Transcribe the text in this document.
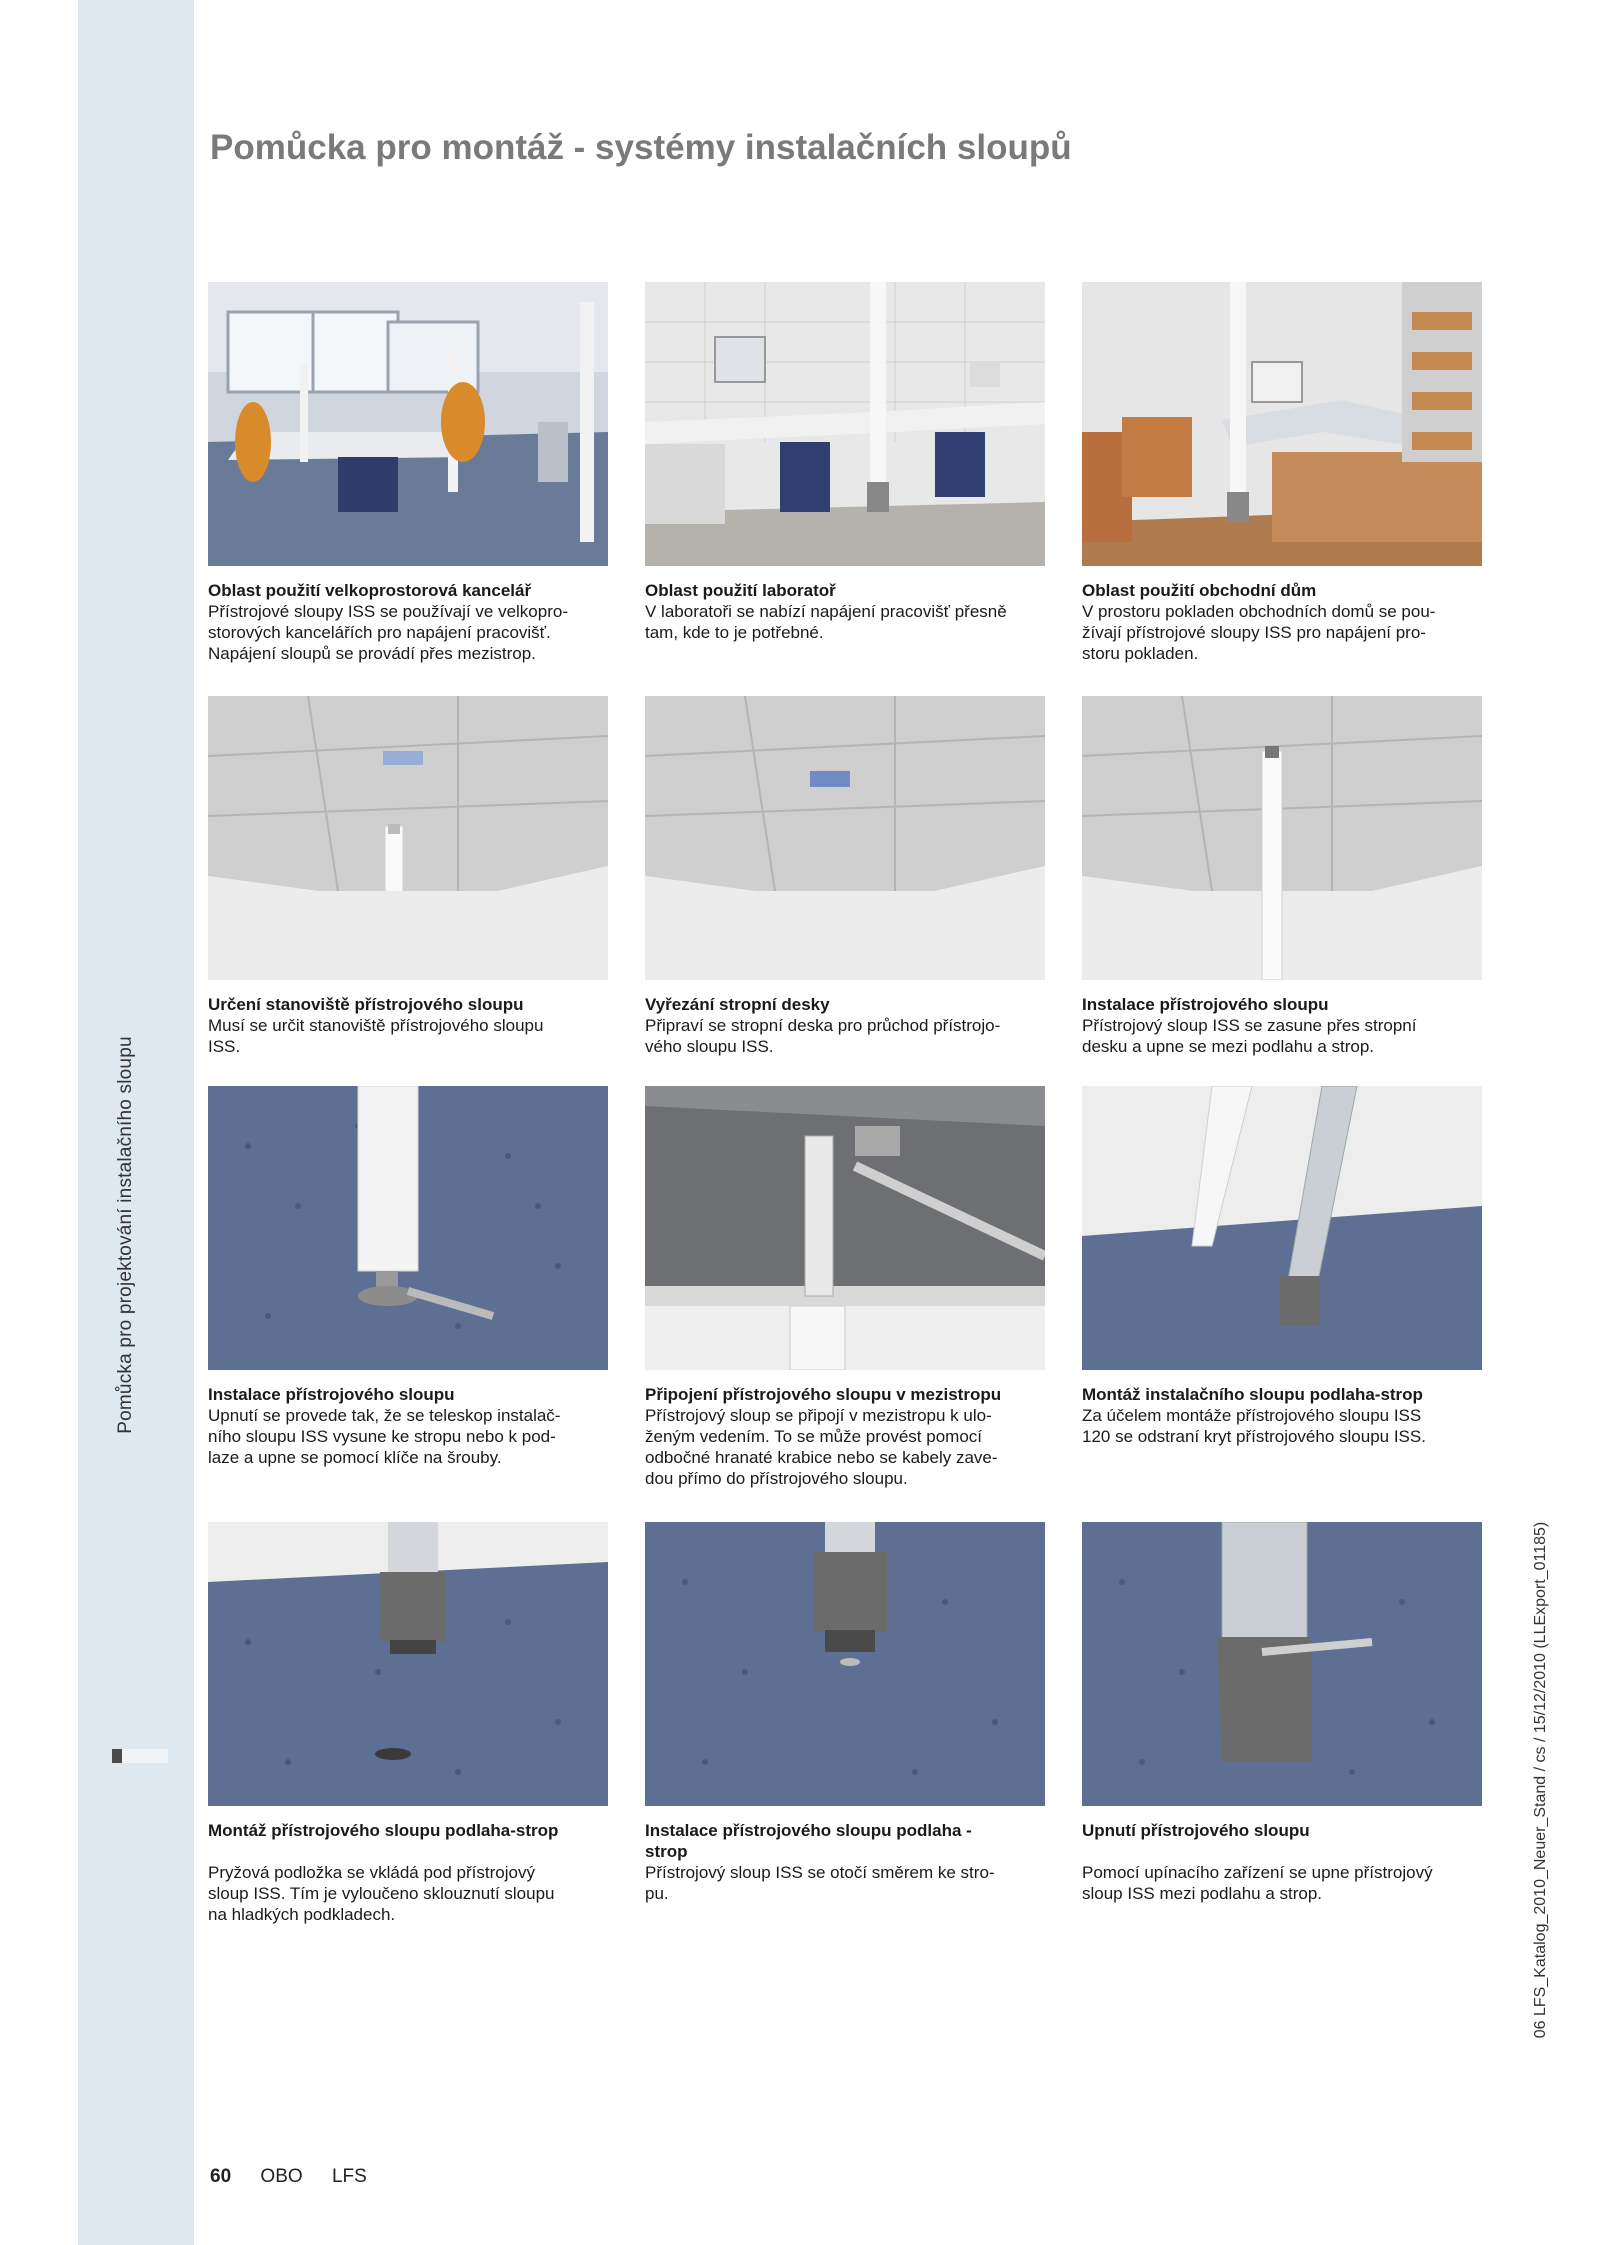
Pomůcka pro projektování instalačního sloupu
Pomůcka pro montáž - systémy instalačních sloupů
Oblast použití velkoprostorová kancelář
Přístrojové sloupy ISS se používají ve velkopro-
storových kancelářích pro napájení pracovišť.
Napájení sloupů se provádí přes mezistrop.
Oblast použití laboratoř
V laboratoři se nabízí napájení pracovišť přesně
tam, kde to je potřebné.
Oblast použití obchodní dům
V prostoru pokladen obchodních domů se pou-
žívají přístrojové sloupy ISS pro napájení pro-
storu pokladen.
Určení stanoviště přístrojového sloupu
Musí se určit stanoviště přístrojového sloupu
ISS.
Vyřezání stropní desky
Připraví se stropní deska pro průchod přístrojo-
vého sloupu ISS.
Instalace přístrojového sloupu
Přístrojový sloup ISS se zasune přes stropní
desku a upne se mezi podlahu a strop.
Instalace přístrojového sloupu
Upnutí se provede tak, že se teleskop instalač-
ního sloupu ISS vysune ke stropu nebo k pod-
laze a upne se pomocí klíče na šrouby.
Připojení přístrojového sloupu v mezistropu
Přístrojový sloup se připojí v mezistropu k ulo-
ženým vedením. To se může provést pomocí
odbočné hranaté krabice nebo se kabely zave-
dou přímo do přístrojového sloupu.
Montáž instalačního sloupu podlaha-strop
Za účelem montáže přístrojového sloupu ISS
120 se odstraní kryt přístrojového sloupu ISS.
Montáž přístrojového sloupu podlaha-strop
Pryžová podložka se vkládá pod přístrojový
sloup ISS. Tím je vyloučeno sklouznutí sloupu
na hladkých podkladech.
Instalace přístrojového sloupu podlaha -
strop
Přístrojový sloup ISS se otočí směrem ke stro-
pu.
Upnutí přístrojového sloupu
Pomocí upínacího zařízení se upne přístrojový
sloup ISS mezi podlahu a strop.	06 LFS_Katalog_2010_Neuer_Stand / cs / 15/12/2010 (LLExport_01185)
60 OBO LFS
